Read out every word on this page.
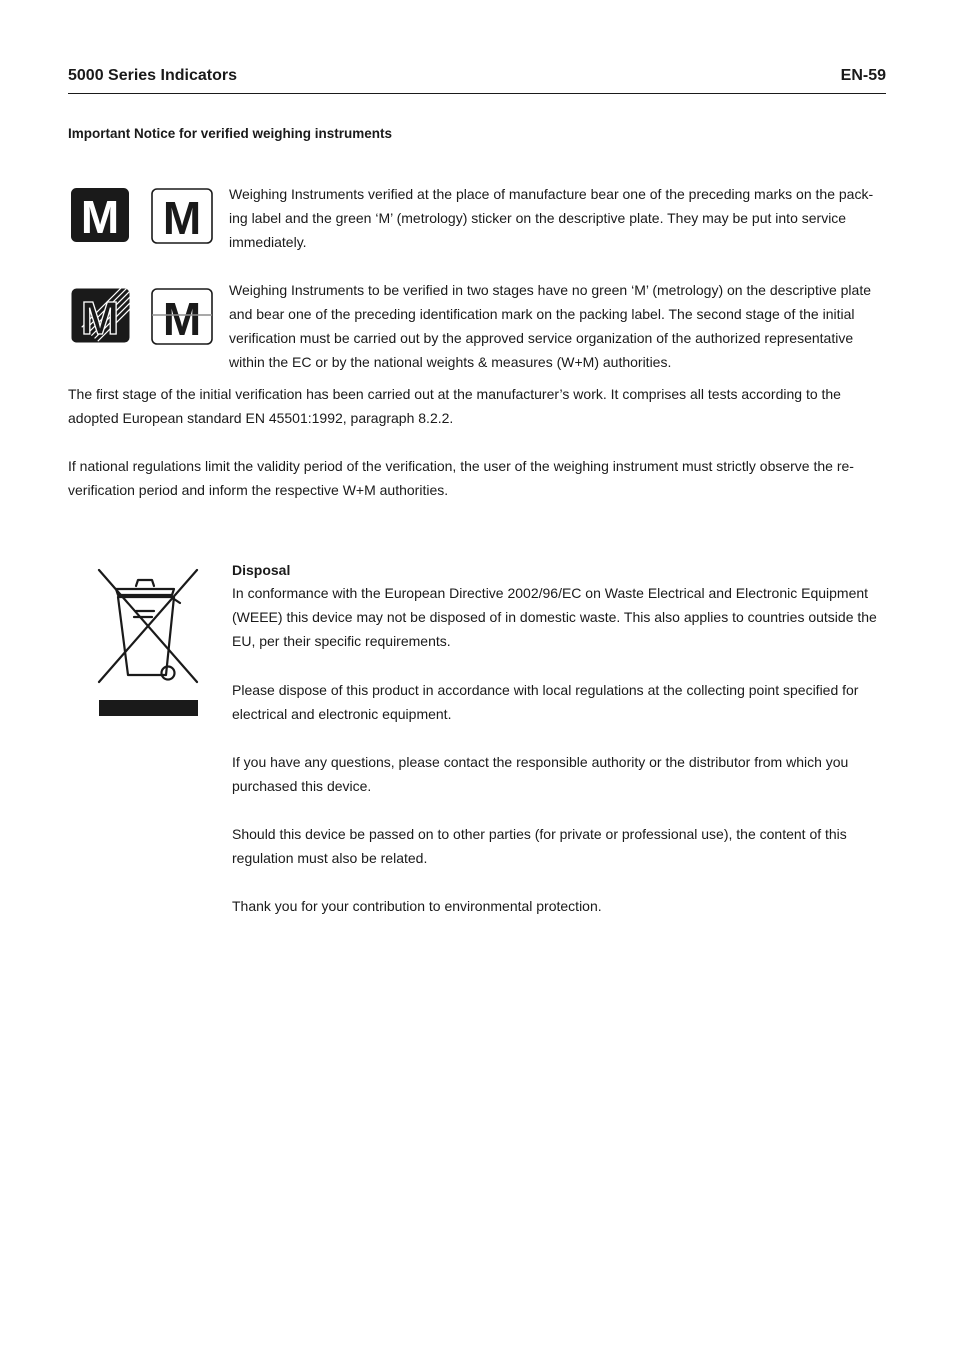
5000 Series Indicators	EN-59
Important Notice for verified weighing instruments
M M Weighing Instruments verified at the place of manufacture bear one of the preceding marks on the pack-ing label and the green ‘M’ (metrology) sticker on the descriptive plate. They may be put into service immediately.
M M
Weighing Instruments to be verified in two stages have no green ‘M’ (metrology) on the descriptive plate and bear one of the preceding identification mark on the packing label. The second stage of the initial verification must be carried out by the approved service organization of the authorized representative within the EC or by the national weights & measures (W+M) authorities.
The first stage of the initial verification has been carried out at the manufacturer’s work. It comprises all tests according to the adopted European standard EN 45501:1992, paragraph 8.2.2.
If national regulations limit the validity period of the verification, the user of the weighing instrument must strictly observe the re-verification period and inform the respective W+M authorities.
Disposal
In conformance with the European Directive 2002/96/EC on Waste Electrical and Electronic Equipment (WEEE) this device may not be disposed of in domestic waste. This also applies to countries outside the EU, per their specific requirements.
Please dispose of this product in accordance with local regulations at the collecting point specified for electrical and electronic equipment.
If you have any questions, please contact the responsible authority or the distributor from which you purchased this device.
Should this device be passed on to other parties (for private or professional use), the content of this regulation must also be related.
Thank you for your contribution to environmental protection.
